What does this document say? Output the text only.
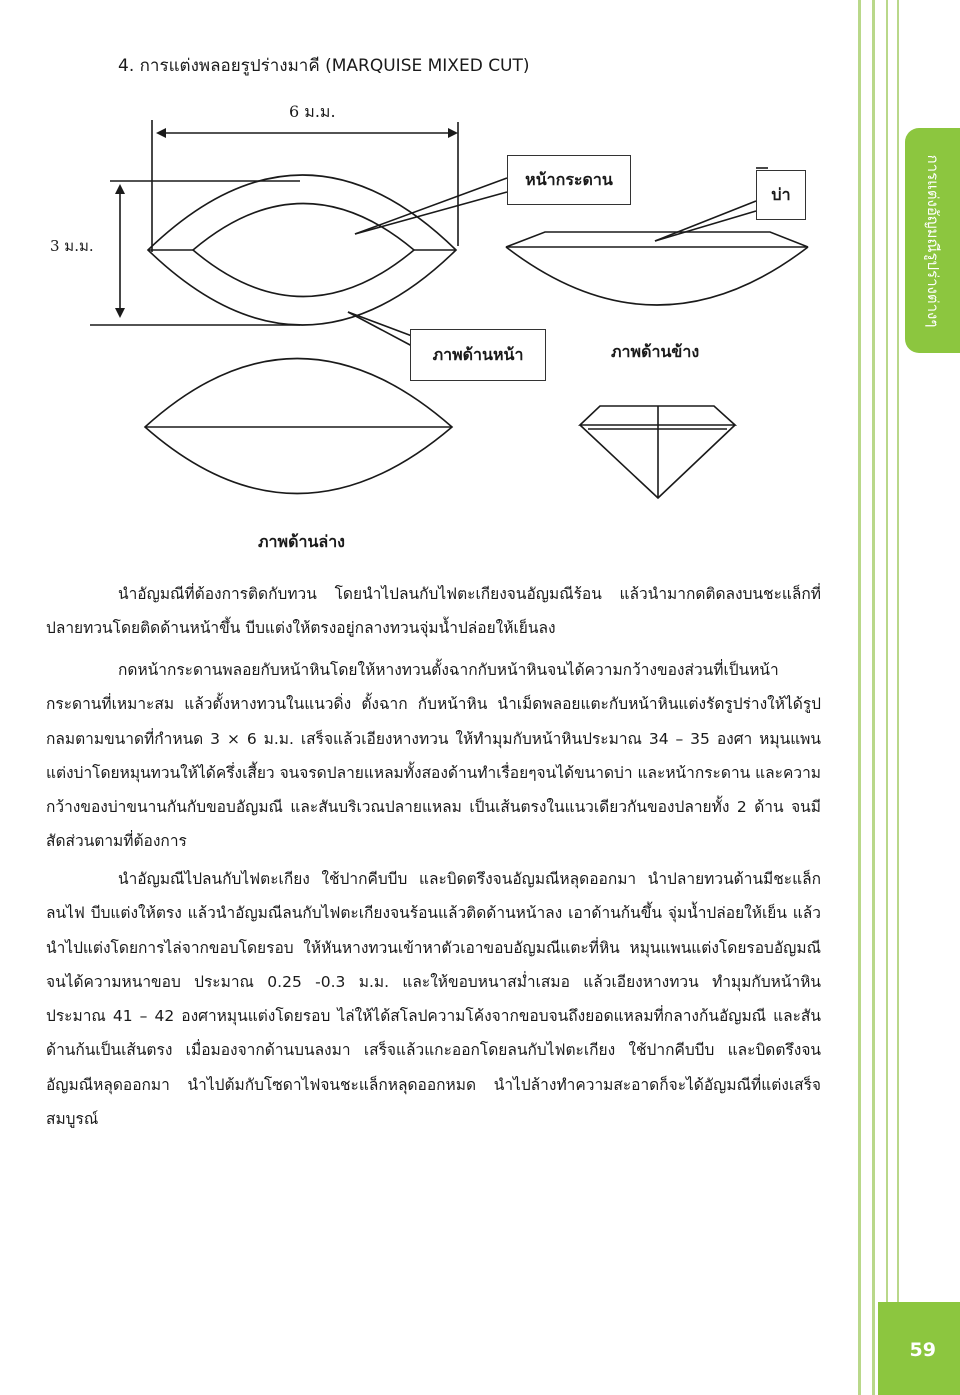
การแต่งอัญมณีรูปร่างต่างๆ
59
4. การแต่งพลอยรูปร่างมาคี (MARQUISE MIXED CUT)
6 ม.ม.
3 ม.ม.
หน้ากระดาน
บ่า
ภาพด้านหน้า	ภาพด้านข้าง
ภาพด้านล่าง

นำอัญมณีที่ต้องการติดกับทวน โดยนำไปลนกับไฟตะเกียงจนอัญมณีร้อน แล้วนำมากดติดลงบนชะแล็กที่ปลายทวนโดยติดด้านหน้าขึ้น บีบแต่งให้ตรงอยู่กลางทวนจุ่มน้ำปล่อยให้เย็นลง

กดหน้ากระดานพลอยกับหน้าหินโดยให้หางทวนตั้งฉากกับหน้าหินจนได้ความกว้างของส่วนที่เป็นหน้ากระดานที่เหมาะสม แล้วตั้งหางทวนในแนวดิ่ง ตั้งฉาก กับหน้าหิน นำเม็ดพลอยแตะกับหน้าหินแต่งรัดรูปร่างให้ได้รูปกลมตามขนาดที่กำหนด 3 × 6 ม.ม. เสร็จแล้วเอียงหางทวน ให้ทำมุมกับหน้าหินประมาณ 34 – 35 องศา หมุนแพนแต่งบ่าโดยหมุนทวนให้ได้ครึ่งเสี้ยว จนจรดปลายแหลมทั้งสองด้านทำเรื่อยๆจนได้ขนาดบ่า และหน้ากระดาน และความกว้างของบ่าขนานกันกับขอบอัญมณี และสันบริเวณปลายแหลม เป็นเส้นตรงในแนวเดียวกันของปลายทั้ง 2 ด้าน จนมีสัดส่วนตามที่ต้องการ

นำอัญมณีไปลนกับไฟตะเกียง ใช้ปากคีบบีบ และบิดตรึงจนอัญมณีหลุดออกมา นำปลายทวนด้านมีชะแล็กลนไฟ บีบแต่งให้ตรง แล้วนำอัญมณีลนกับไฟตะเกียงจนร้อนแล้วติดด้านหน้าลง เอาด้านก้นขึ้น จุ่มน้ำปล่อยให้เย็น แล้วนำไปแต่งโดยการไล่จากขอบโดยรอบ ให้หันหางทวนเข้าหาตัวเอาขอบอัญมณีแตะที่หิน หมุนแพนแต่งโดยรอบอัญมณีจนได้ความหนาขอบ ประมาณ 0.25 -0.3 ม.ม. และให้ขอบหนาสม่ำเสมอ แล้วเอียงหางทวน ทำมุมกับหน้าหิน ประมาณ 41 – 42 องศาหมุนแต่งโดยรอบ ไล่ให้ได้สโลปความโค้งจากขอบจนถึงยอดแหลมที่กลางก้นอัญมณี และสันด้านก้นเป็นเส้นตรง เมื่อมองจากด้านบนลงมา เสร็จแล้วแกะออกโดยลนกับไฟตะเกียง ใช้ปากคีบบีบ และบิดตรึงจนอัญมณีหลุดออกมา นำไปต้มกับโซดาไฟจนชะแล็กหลุดออกหมด นำไปล้างทำความสะอาดก็จะได้อัญมณีที่แต่งเสร็จสมบูรณ์
